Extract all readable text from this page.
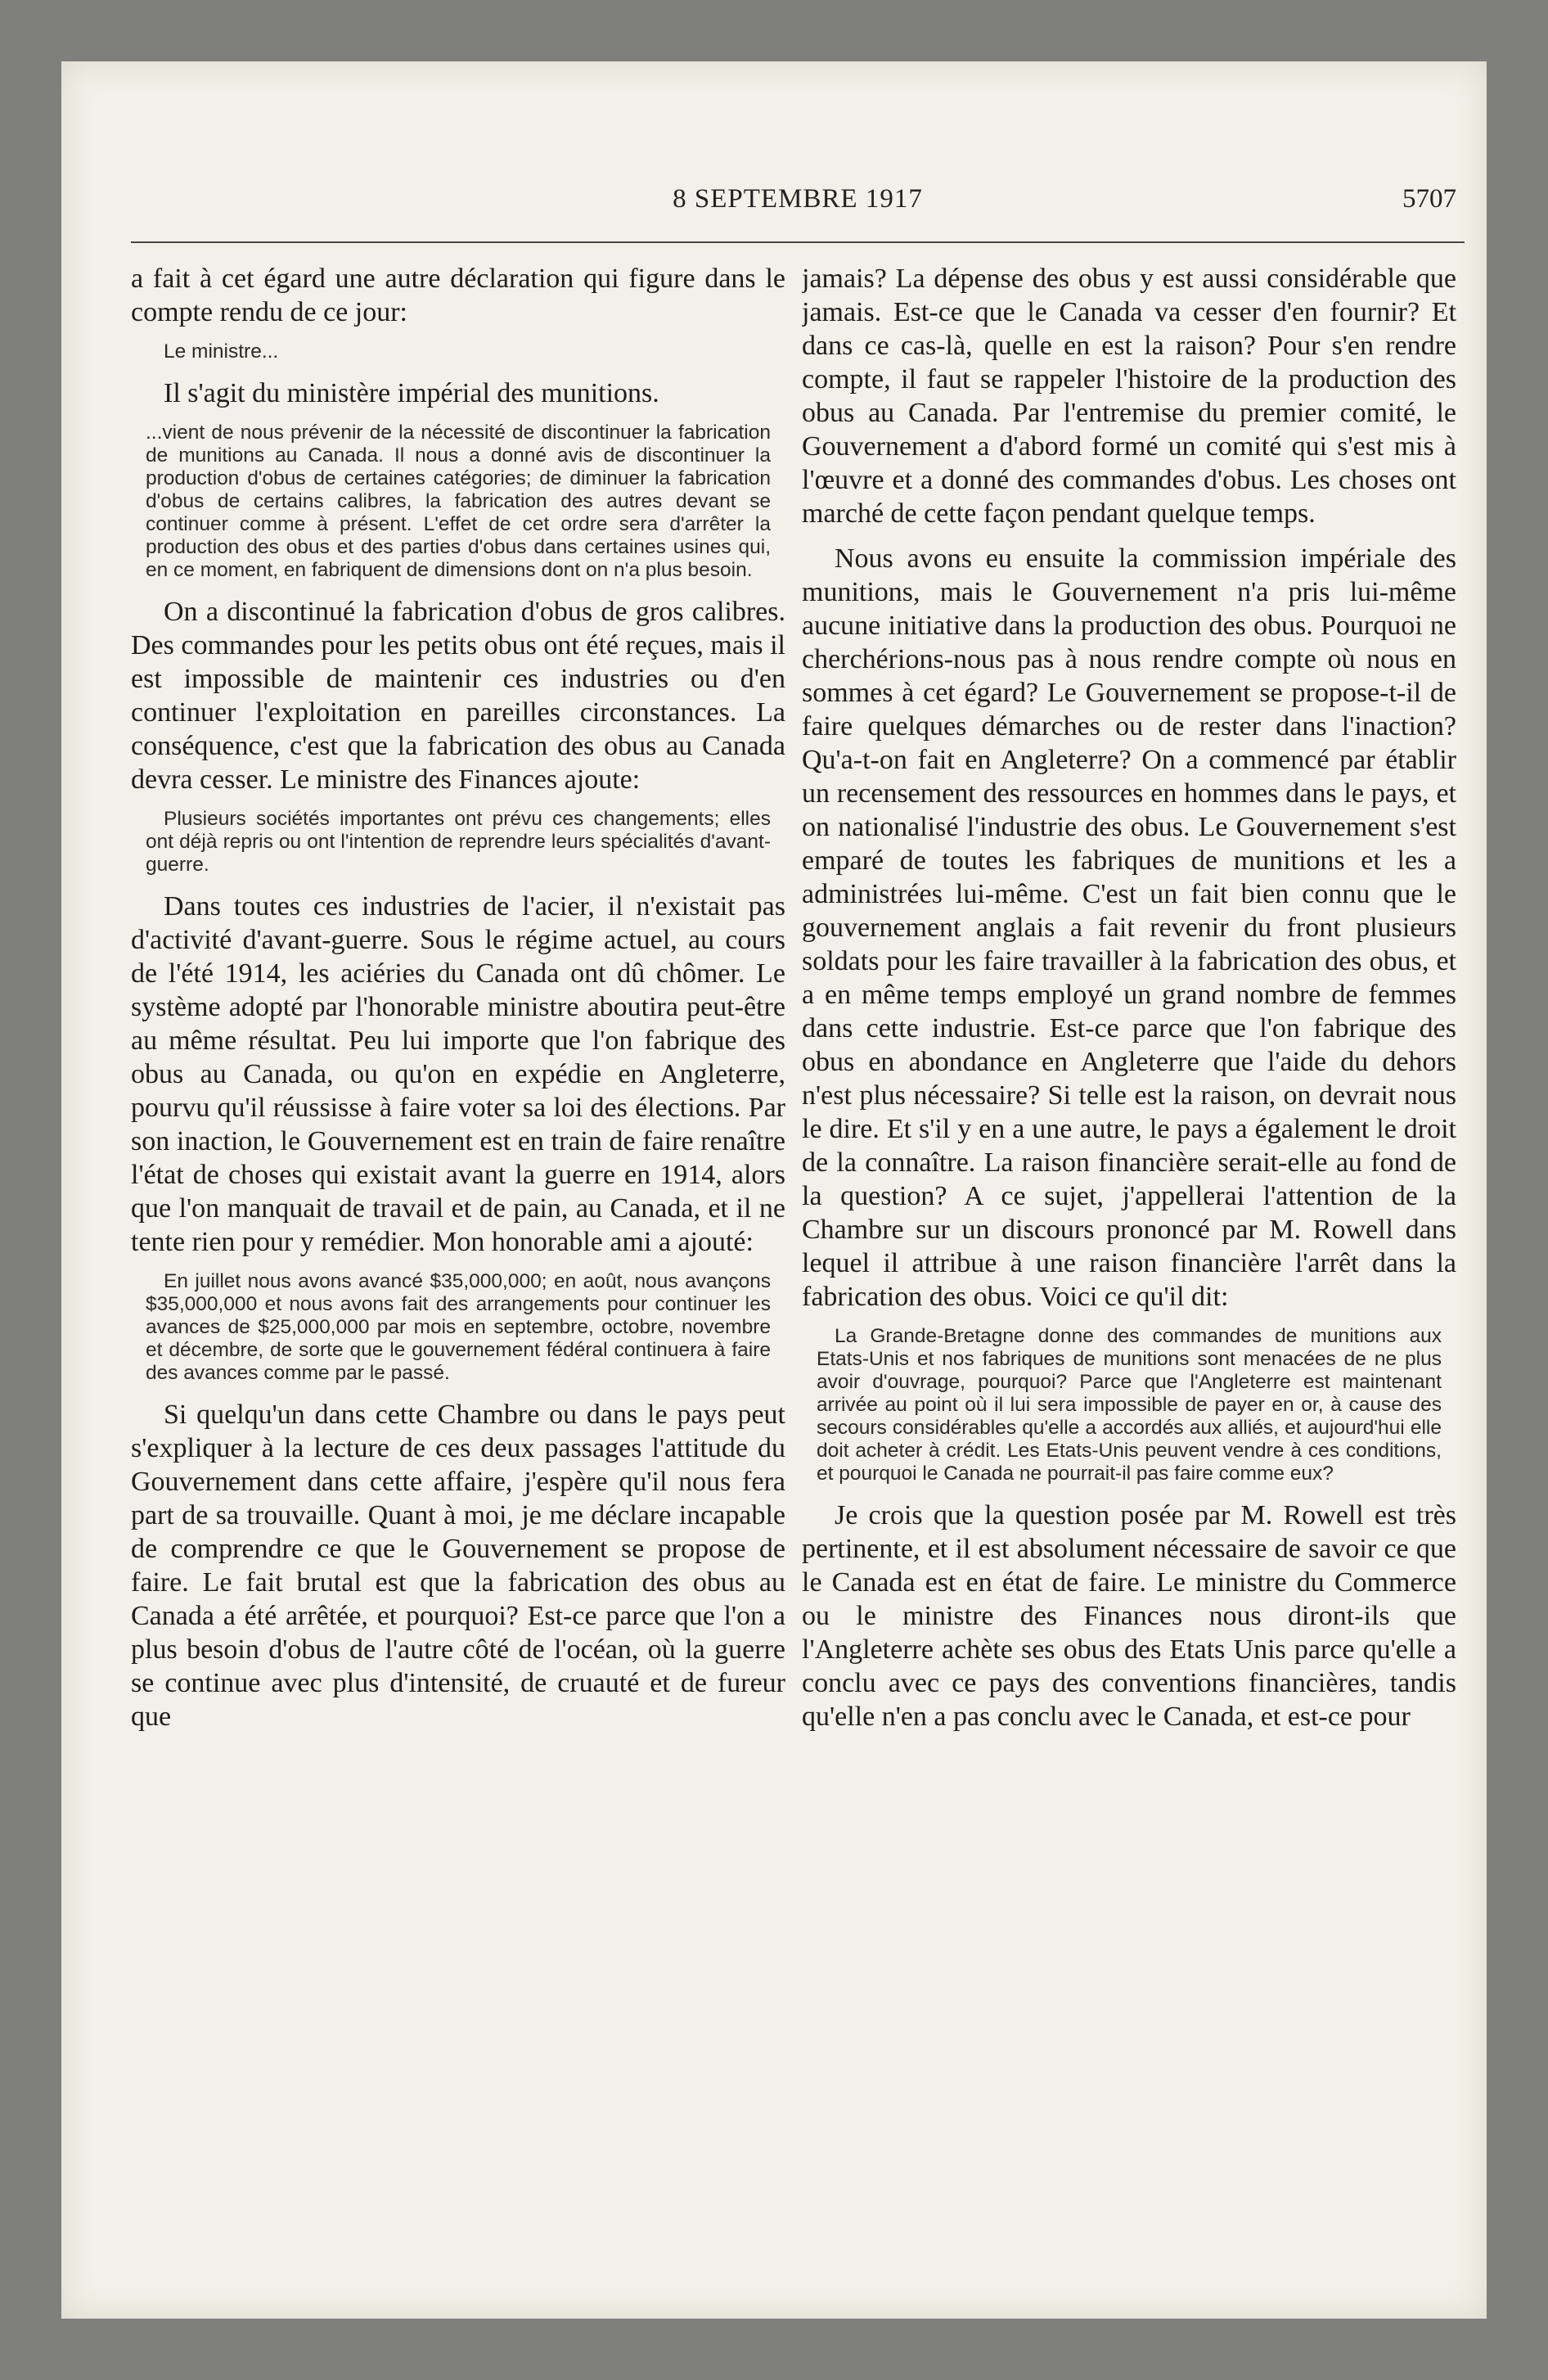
8 SEPTEMBRE 1917	5707

a fait à cet égard une autre déclaration qui figure dans le compte rendu de ce jour:

Le ministre...

Il s'agit du ministère impérial des munitions.

...vient de nous prévenir de la nécessité de discontinuer la fabrication de munitions au Canada. Il nous a donné avis de discontinuer la production d'obus de certaines catégories; de diminuer la fabrication d'obus de certains calibres, la fabrication des autres devant se continuer comme à présent. L'effet de cet ordre sera d'arrêter la production des obus et des parties d'obus dans certaines usines qui, en ce moment, en fabriquent de dimensions dont on n'a plus besoin.

On a discontinué la fabrication d'obus de gros calibres. Des commandes pour les petits obus ont été reçues, mais il est impossible de maintenir ces industries ou d'en continuer l'exploitation en pareilles circonstances. La conséquence, c'est que la fabrication des obus au Canada devra cesser. Le ministre des Finances ajoute:

Plusieurs sociétés importantes ont prévu ces changements; elles ont déjà repris ou ont l'intention de reprendre leurs spécialités d'avant-guerre.

Dans toutes ces industries de l'acier, il n'existait pas d'activité d'avant-guerre. Sous le régime actuel, au cours de l'été 1914, les aciéries du Canada ont dû chômer. Le système adopté par l'honorable ministre aboutira peut-être au même résultat. Peu lui importe que l'on fabrique des obus au Canada, ou qu'on en expédie en Angleterre, pourvu qu'il réussisse à faire voter sa loi des élections. Par son inaction, le Gouvernement est en train de faire renaître l'état de choses qui existait avant la guerre en 1914, alors que l'on manquait de travail et de pain, au Canada, et il ne tente rien pour y remédier. Mon honorable ami a ajouté:

En juillet nous avons avancé $35,000,000; en août, nous avançons $35,000,000 et nous avons fait des arrangements pour continuer les avances de $25,000,000 par mois en septembre, octobre, novembre et décembre, de sorte que le gouvernement fédéral continuera à faire des avances comme par le passé.

Si quelqu'un dans cette Chambre ou dans le pays peut s'expliquer à la lecture de ces deux passages l'attitude du Gouvernement dans cette affaire, j'espère qu'il nous fera part de sa trouvaille. Quant à moi, je me déclare incapable de comprendre ce que le Gouvernement se propose de faire. Le fait brutal est que la fabrication des obus au Canada a été arrêtée, et pourquoi? Est-ce parce que l'on a plus besoin d'obus de l'autre côté de l'océan, où la guerre se continue avec plus d'intensité, de cruauté et de fureur que

jamais? La dépense des obus y est aussi considérable que jamais. Est-ce que le Canada va cesser d'en fournir? Et dans ce cas-là, quelle en est la raison? Pour s'en rendre compte, il faut se rappeler l'histoire de la production des obus au Canada. Par l'entremise du premier comité, le Gouvernement a d'abord formé un comité qui s'est mis à l'œuvre et a donné des commandes d'obus. Les choses ont marché de cette façon pendant quelque temps.

Nous avons eu ensuite la commission impériale des munitions, mais le Gouvernement n'a pris lui-même aucune initiative dans la production des obus. Pourquoi ne cherchérions-nous pas à nous rendre compte où nous en sommes à cet égard? Le Gouvernement se propose-t-il de faire quelques démarches ou de rester dans l'inaction? Qu'a-t-on fait en Angleterre? On a commencé par établir un recensement des ressources en hommes dans le pays, et on nationalisé l'industrie des obus. Le Gouvernement s'est emparé de toutes les fabriques de munitions et les a administrées lui-même. C'est un fait bien connu que le gouvernement anglais a fait revenir du front plusieurs soldats pour les faire travailler à la fabrication des obus, et a en même temps employé un grand nombre de femmes dans cette industrie. Est-ce parce que l'on fabrique des obus en abondance en Angleterre que l'aide du dehors n'est plus nécessaire? Si telle est la raison, on devrait nous le dire. Et s'il y en a une autre, le pays a également le droit de la connaître. La raison financière serait-elle au fond de la question? A ce sujet, j'appellerai l'attention de la Chambre sur un discours prononcé par M. Rowell dans lequel il attribue à une raison financière l'arrêt dans la fabrication des obus. Voici ce qu'il dit:

La Grande-Bretagne donne des commandes de munitions aux Etats-Unis et nos fabriques de munitions sont menacées de ne plus avoir d'ouvrage, pourquoi? Parce que l'Angleterre est maintenant arrivée au point où il lui sera impossible de payer en or, à cause des secours considérables qu'elle a accordés aux alliés, et aujourd'hui elle doit acheter à crédit. Les Etats-Unis peuvent vendre à ces conditions, et pourquoi le Canada ne pourrait-il pas faire comme eux?

Je crois que la question posée par M. Rowell est très pertinente, et il est absolument nécessaire de savoir ce que le Canada est en état de faire. Le ministre du Commerce ou le ministre des Finances nous diront-ils que l'Angleterre achète ses obus des Etats Unis parce qu'elle a conclu avec ce pays des conventions financières, tandis qu'elle n'en a pas conclu avec le Canada, et est-ce pour
